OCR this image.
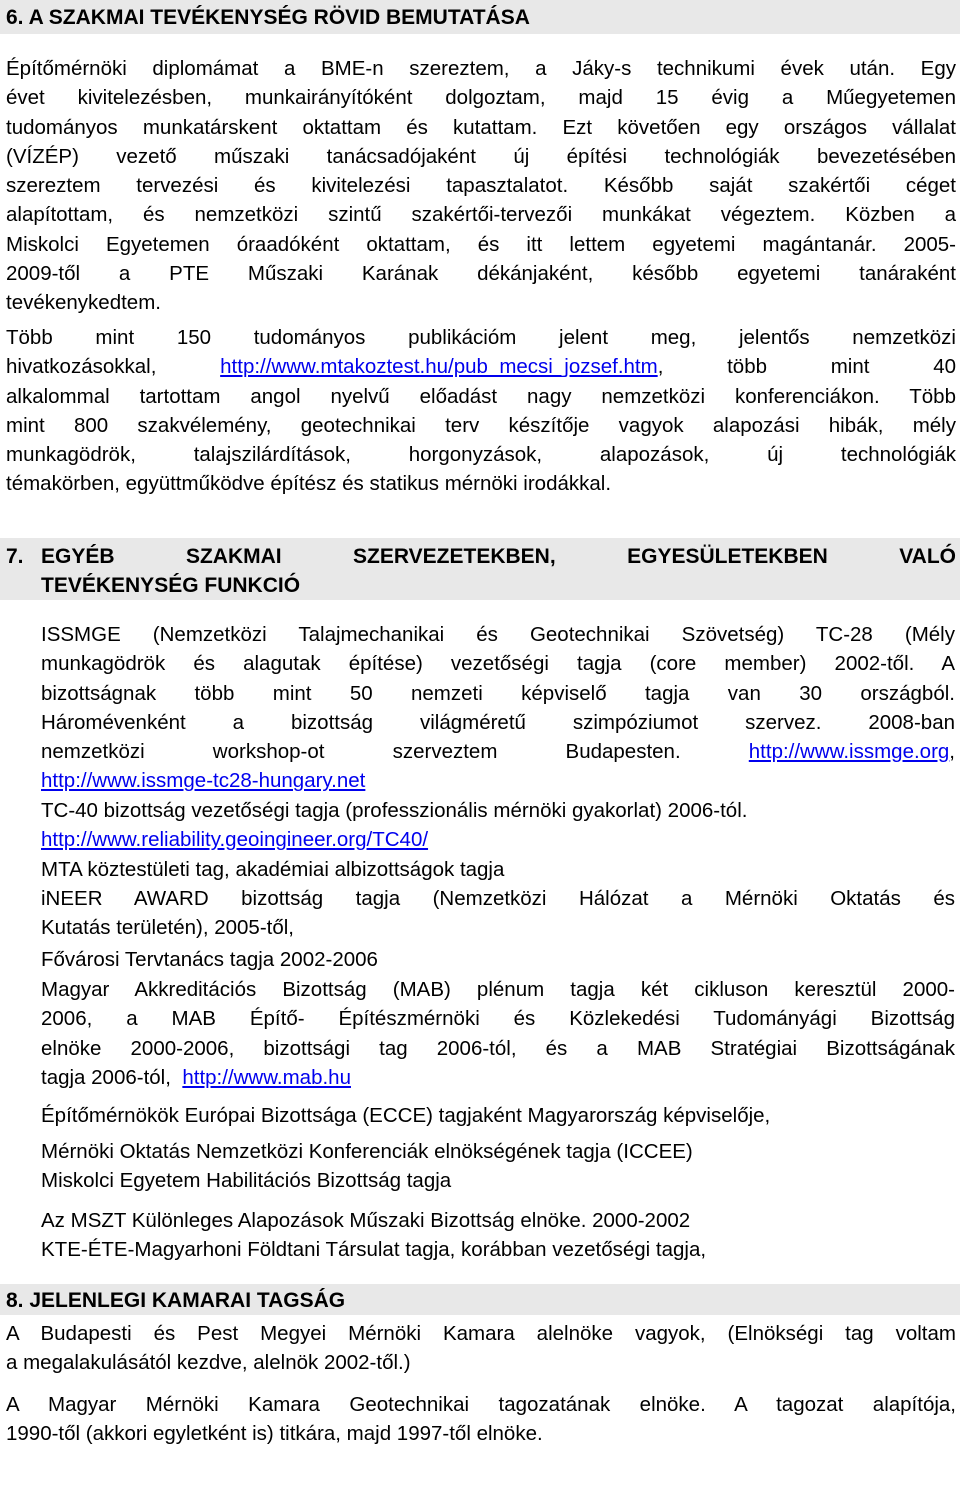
6. A SZAKMAI TEVÉKENYSÉG RÖVID BEMUTATÁSA
Építőmérnöki diplomámat a BME-n szereztem, a Jáky-s technikumi évek után. Egy
évet kivitelezésben, munkairányítóként dolgoztam, majd 15 évig a Műegyetemen
tudományos munkatárskent oktattam és kutattam. Ezt követően egy országos vállalat
(VÍZÉP) vezető műszaki tanácsadójaként új építési technológiák bevezetésében
szereztem tervezési és kivitelezési tapasztalatot. Később saját szakértői céget
alapítottam, és nemzetközi szintű szakértői-tervezői munkákat végeztem. Közben a
Miskolci Egyetemen óraadóként oktattam, és itt lettem egyetemi magántanár. 2005-
2009-től a PTE Műszaki Karának dékánjaként, később egyetemi tanáraként
tevékenykedtem.
Több mint 150 tudományos publikációm jelent meg, jelentős nemzetközi
hivatkozásokkal,	http://www.mtakoztest.hu/pub_mecsi_jozsef.htm, több mint 40
alkalommal tartottam angol nyelvű előadást nagy nemzetközi konferenciákon. Több
mint 800 szakvélemény, geotechnikai terv készítője vagyok alapozási hibák, mély
munkagödrök, talajszilárdítások, horgonyzások, alapozások, új technológiák
témakörben, együttműködve építész és statikus mérnöki irodákkal.
7. EGYÉB SZAKMAI SZERVEZETEKBEN, EGYESÜLETEKBEN VALÓ
TEVÉKENYSÉG FUNKCIÓ
ISSMGE (Nemzetközi Talajmechanikai és Geotechnikai Szövetség) TC-28 (Mély
munkagödrök és alagutak építése) vezetőségi tagja (core member) 2002-től. A
bizottságnak több mint 50 nemzeti képviselő tagja van 30 országból.
Háromévenként a bizottság világméretű szimpóziumot szervez. 2008-ban
nemzetközi workshop-ot szerveztem Budapesten.	http://www.issmge.org,
http://www.issmge-tc28-hungary.net
TC-40 bizottság vezetőségi tagja (professzionális mérnöki gyakorlat) 2006-tól.
http://www.reliability.geoingineer.org/TC40/
MTA köztestületi tag, akadémiai albizottságok tagja
iNEER AWARD bizottság tagja (Nemzetközi Hálózat a Mérnöki Oktatás és
Kutatás területén), 2005-től,
Fővárosi Tervtanács tagja 2002-2006
Magyar Akkreditációs Bizottság (MAB) plénum tagja két cikluson keresztül 2000-
2006, a MAB Építő- Építészmérnöki és Közlekedési Tudományági Bizottság
elnöke 2000-2006, bizottsági tag 2006-tól, és a MAB Stratégiai Bizottságának
tagja 2006-tól, http://www.mab.hu
Építőmérnökök Európai Bizottsága (ECCE) tagjaként Magyarország képviselője,
Mérnöki Oktatás Nemzetközi Konferenciák elnökségének tagja (ICCEE)
Miskolci Egyetem Habilitációs Bizottság tagja
Az MSZT Különleges Alapozások Műszaki Bizottság elnöke. 2000-2002
KTE-ÉTE-Magyarhoni Földtani Társulat tagja, korábban vezetőségi tagja,
8. JELENLEGI KAMARAI TAGSÁG
A Budapesti és Pest Megyei Mérnöki Kamara alelnöke vagyok, (Elnökségi tag voltam
a megalakulásától kezdve, alelnök 2002-től.)
A Magyar Mérnöki Kamara Geotechnikai tagozatának elnöke. A tagozat alapítója,
1990-től (akkori egyletként is) titkára, majd 1997-től elnöke.
